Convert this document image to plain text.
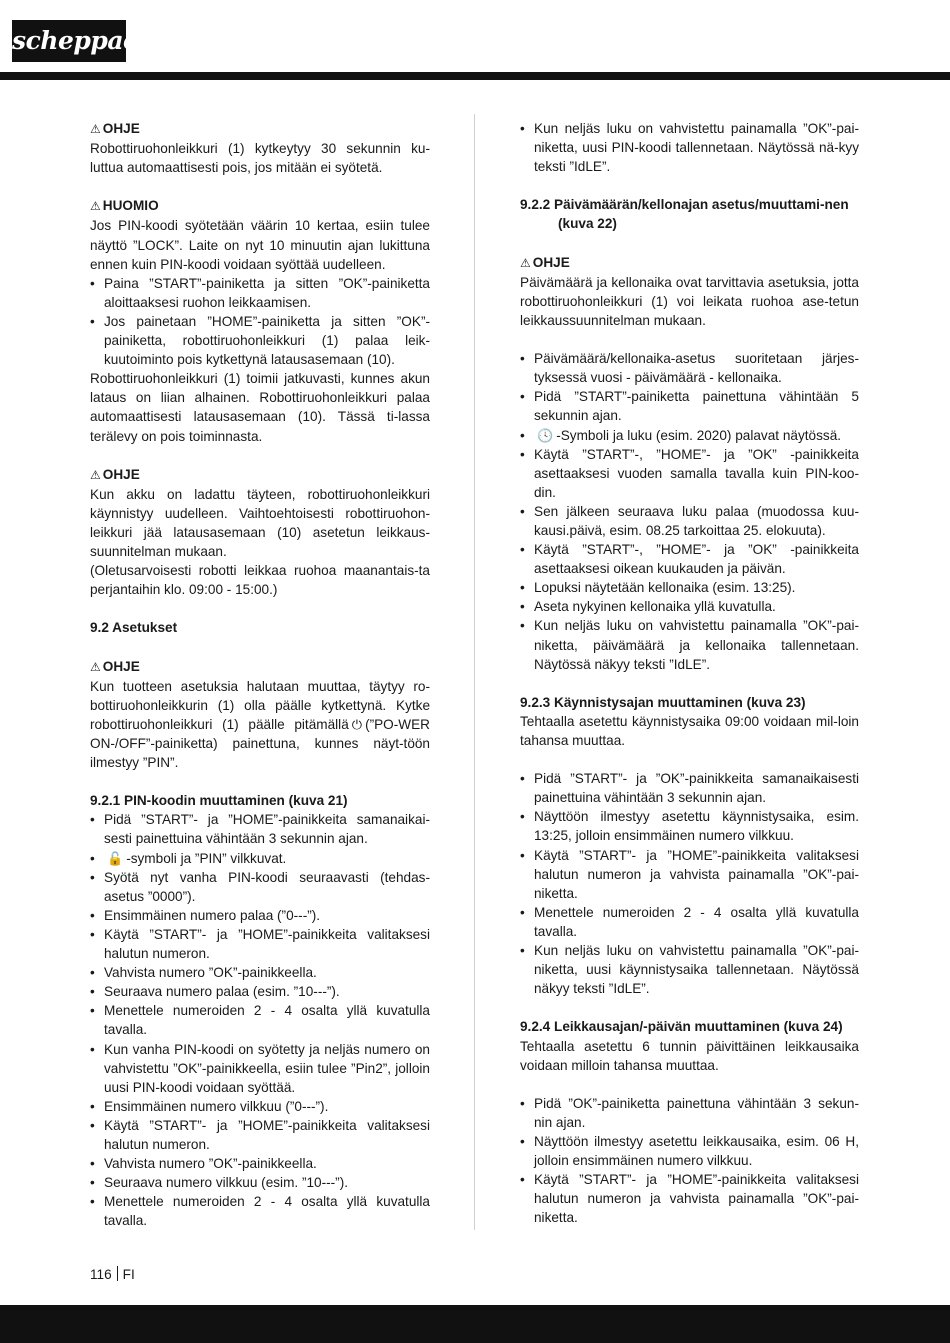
scheppach

⚠ OHJE

Robottiruohonleikkuri (1) kytkeytyy 30 sekunnin ku-luttua automaattisesti pois, jos mitään ei syötetä.

⚠ HUOMIO

Jos PIN-koodi syötetään väärin 10 kertaa, esiin tulee näyttö ”LOCK”. Laite on nyt 10 minuutin ajan lukittuna ennen kuin PIN-koodi voidaan syöttää uudelleen.

• Paina ”START”-painiketta ja sitten ”OK”-painiketta aloittaaksesi ruohon leikkaamisen.
• Jos painetaan ”HOME”-painiketta ja sitten ”OK”-painiketta, robottiruohonleikkuri (1) palaa leik-kuutoiminto pois kytkettynä latausasemaan (10).

Robottiruohonleikkuri (1) toimii jatkuvasti, kunnes akun lataus on liian alhainen. Robottiruohonleikkuri palaa automaattisesti latausasemaan (10). Tässä ti-lassa terälevy on pois toiminnasta.

⚠ OHJE

Kun akku on ladattu täyteen, robottiruohonleikkuri käynnistyy uudelleen. Vaihtoehtoisesti robottiruohon-leikkuri jää latausasemaan (10) asetetun leikkaus-suunnitelman mukaan.

(Oletusarvoisesti robotti leikkaa ruohoa maanantais-ta perjantaihin klo. 09:00 - 15:00.)

9.2 Asetukset

⚠ OHJE

Kun tuotteen asetuksia halutaan muuttaa, täytyy ro-bottiruohonleikkurin (1) olla päälle kytkettynä. Kytke robottiruohonleikkuri (1) päälle pitämällä ⏻ (”PO-WER ON-/OFF”-painiketta) painettuna, kunnes näyt-töön ilmestyy ”PIN”.

9.2.1 PIN-koodin muuttaminen (kuva 21)

• Pidä ”START”- ja ”HOME”-painikkeita samanaikai-sesti painettuina vähintään 3 sekunnin ajan.
• 🔓 -symboli ja ”PIN” vilkkuvat.
• Syötä nyt vanha PIN-koodi seuraavasti (tehdas-asetus ”0000”).
• Ensimmäinen numero palaa (”0---”).
• Käytä ”START”- ja ”HOME”-painikkeita valitaksesi halutun numeron.
• Vahvista numero ”OK”-painikkeella.
• Seuraava numero palaa (esim. ”10---”).
• Menettele numeroiden 2 - 4 osalta yllä kuvatulla tavalla.
• Kun vanha PIN-koodi on syötetty ja neljäs numero on vahvistettu ”OK”-painikkeella, esiin tulee ”Pin2”, jolloin uusi PIN-koodi voidaan syöttää.
• Ensimmäinen numero vilkkuu (”0---”).
• Käytä ”START”- ja ”HOME”-painikkeita valitaksesi halutun numeron.
• Vahvista numero ”OK”-painikkeella.
• Seuraava numero vilkkuu (esim. ”10---”).
• Menettele numeroiden 2 - 4 osalta yllä kuvatulla tavalla.
• Kun neljäs luku on vahvistettu painamalla ”OK”-pai-niketta, uusi PIN-koodi tallennetaan. Näytössä nä-kyy teksti ”IdLE”.

9.2.2 Päivämäärän/kellonajan asetus/muuttami-nen (kuva 22)

⚠ OHJE

Päivämäärä ja kellonaika ovat tarvittavia asetuksia, jotta robottiruohonleikkuri (1) voi leikata ruohoa ase-tetun leikkaussuunnitelman mukaan.

• Päivämäärä/kellonaika-asetus suoritetaan järjes-tyksessä vuosi - päivämäärä - kellonaika.
• Pidä ”START”-painiketta painettuna vähintään 5 sekunnin ajan.
• 🕓 -Symboli ja luku (esim. 2020) palavat näytössä.
• Käytä ”START”-, ”HOME”- ja ”OK” -painikkeita asettaaksesi vuoden samalla tavalla kuin PIN-koo-din.
• Sen jälkeen seuraava luku palaa (muodossa kuu-kausi.päivä, esim. 08.25 tarkoittaa 25. elokuuta).
• Käytä ”START”-, ”HOME”- ja ”OK” -painikkeita asettaaksesi oikean kuukauden ja päivän.
• Lopuksi näytetään kellonaika (esim. 13:25).
• Aseta nykyinen kellonaika yllä kuvatulla.
• Kun neljäs luku on vahvistettu painamalla ”OK”-pai-niketta, päivämäärä ja kellonaika tallennetaan. Näytössä näkyy teksti ”IdLE”.

9.2.3 Käynnistysajan muuttaminen (kuva 23)

Tehtaalla asetettu käynnistysaika 09:00 voidaan mil-loin tahansa muuttaa.

• Pidä ”START”- ja ”OK”-painikkeita samanaikaisesti painettuina vähintään 3 sekunnin ajan.
• Näyttöön ilmestyy asetettu käynnistysaika, esim. 13:25, jolloin ensimmäinen numero vilkkuu.
• Käytä ”START”- ja ”HOME”-painikkeita valitaksesi halutun numeron ja vahvista painamalla ”OK”-pai-niketta.
• Menettele numeroiden 2 - 4 osalta yllä kuvatulla tavalla.
• Kun neljäs luku on vahvistettu painamalla ”OK”-pai-niketta, uusi käynnistysaika tallennetaan. Näytössä näkyy teksti ”IdLE”.

9.2.4 Leikkausajan/-päivän muuttaminen (kuva 24)

Tehtaalla asetettu 6 tunnin päivittäinen leikkausaika voidaan milloin tahansa muuttaa.

• Pidä ”OK”-painiketta painettuna vähintään 3 sekun-nin ajan.
• Näyttöön ilmestyy asetettu leikkausaika, esim. 06 H, jolloin ensimmäinen numero vilkkuu.
• Käytä ”START”- ja ”HOME”-painikkeita valitaksesi halutun numeron ja vahvista painamalla ”OK”-pai-niketta.
116 FI
